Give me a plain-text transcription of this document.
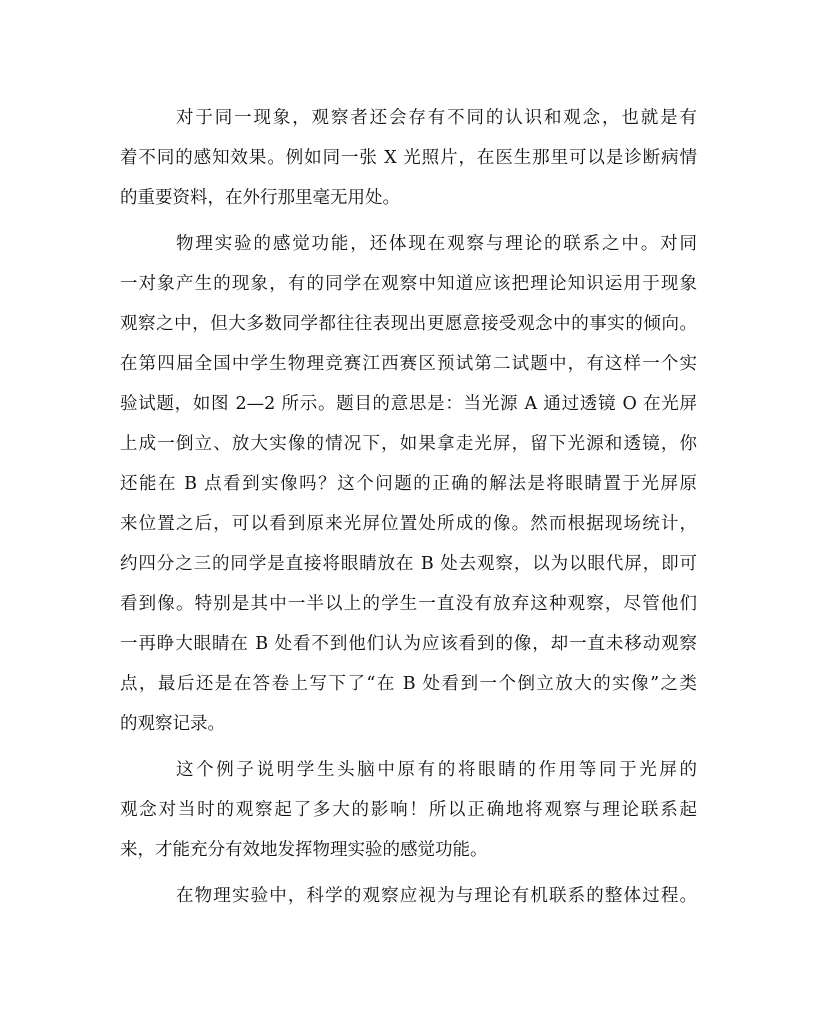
对于同一现象，观察者还会存有不同的认识和观念，也就是有
着不同的感知效果。例如同一张 X 光照片，在医生那里可以是诊断病情
的重要资料，在外行那里毫无用处。
物理实验的感觉功能，还体现在观察与理论的联系之中。对同
一对象产生的现象，有的同学在观察中知道应该把理论知识运用于现象
观察之中，但大多数同学都往往表现出更愿意接受观念中的事实的倾向。
在第四届全国中学生物理竞赛江西赛区预试第二试题中，有这样一个实
验试题，如图 2—2 所示。题目的意思是：当光源 A 通过透镜 O 在光屏
上成一倒立、放大实像的情况下，如果拿走光屏，留下光源和透镜，你
还能在 B 点看到实像吗？这个问题的正确的解法是将眼睛置于光屏原
来位置之后，可以看到原来光屏位置处所成的像。然而根据现场统计，
约四分之三的同学是直接将眼睛放在 B 处去观察，以为以眼代屏，即可
看到像。特别是其中一半以上的学生一直没有放弃这种观察，尽管他们
一再睁大眼睛在 B 处看不到他们认为应该看到的像，却一直未移动观察
点，最后还是在答卷上写下了“在 B 处看到一个倒立放大的实像”之类
的观察记录。
这个例子说明学生头脑中原有的将眼睛的作用等同于光屏的
观念对当时的观察起了多大的影响！所以正确地将观察与理论联系起
来，才能充分有效地发挥物理实验的感觉功能。
在物理实验中，科学的观察应视为与理论有机联系的整体过程。
